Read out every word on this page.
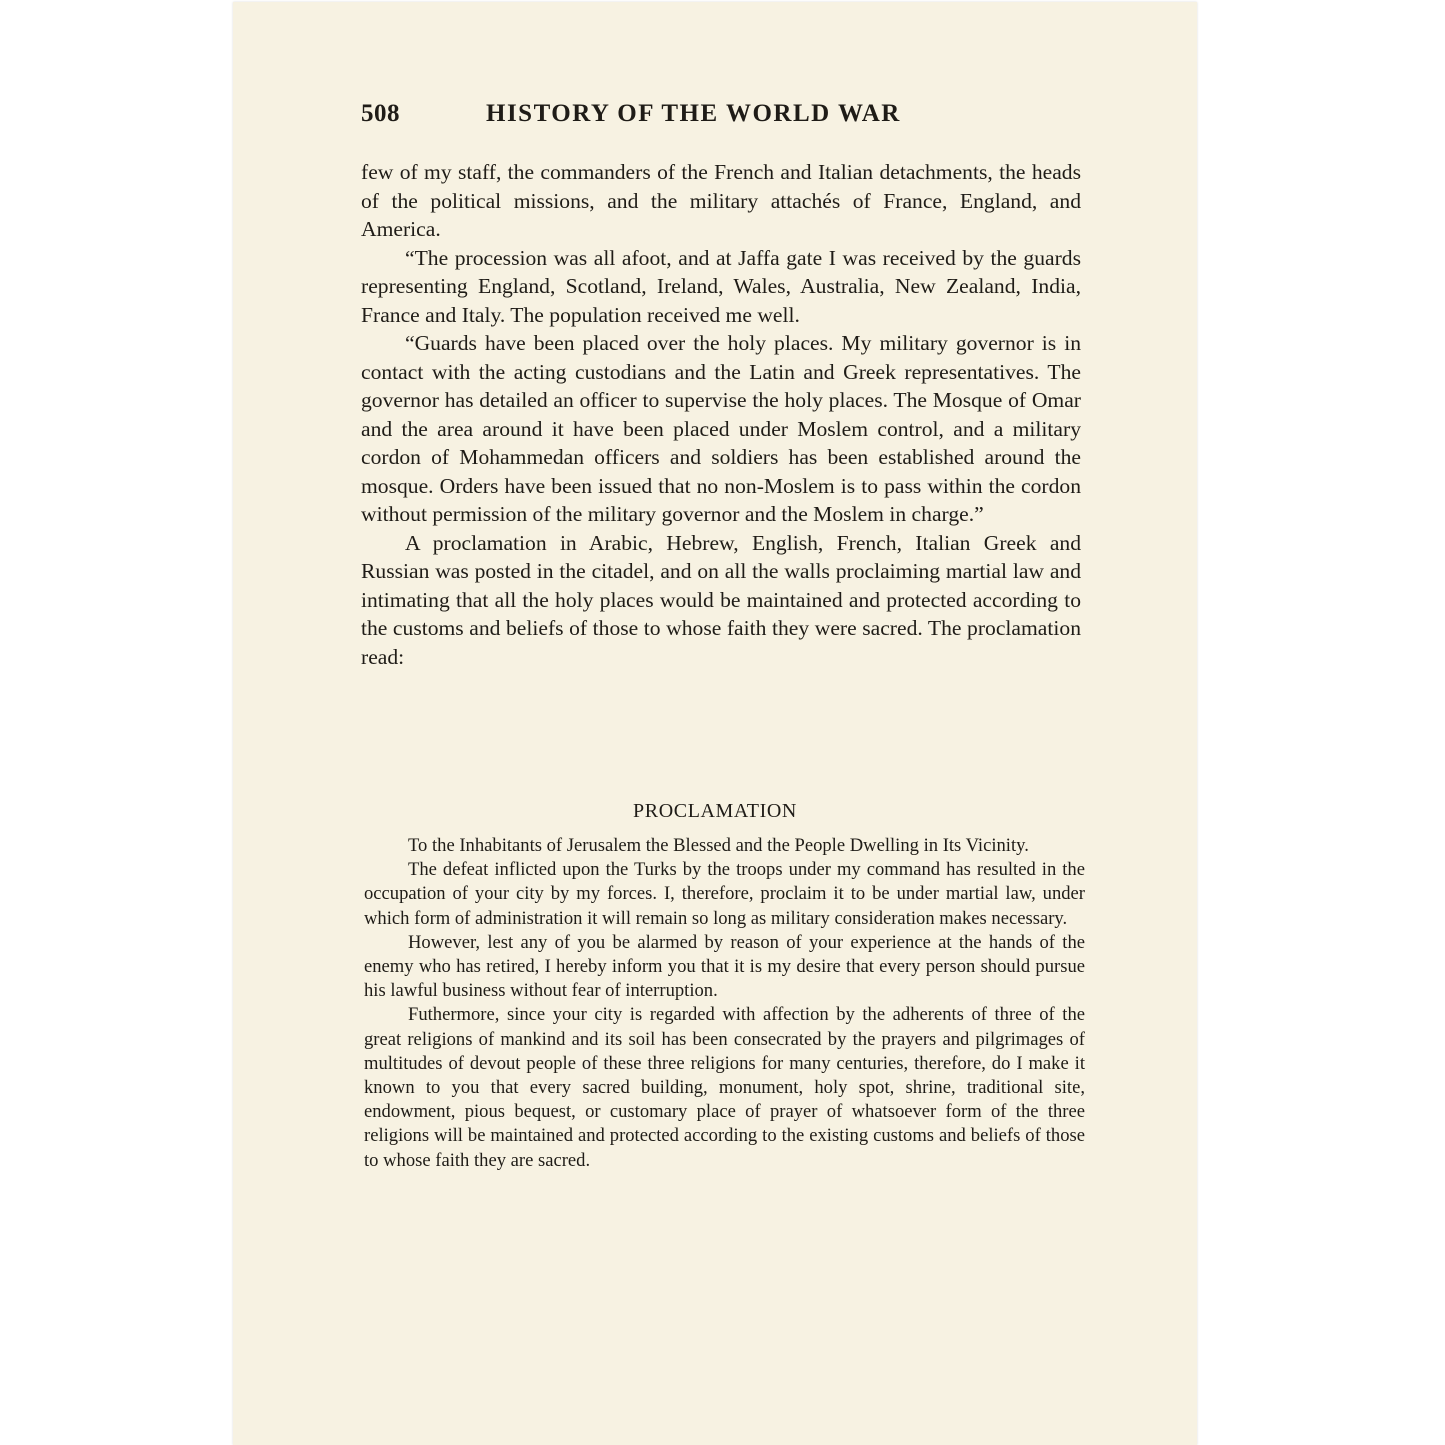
508	HISTORY OF THE WORLD WAR

few of my staff, the commanders of the French and Italian detachments, the heads of the political missions, and the military attachés of France, England, and America.

“The procession was all afoot, and at Jaffa gate I was received by the guards representing England, Scotland, Ireland, Wales, Australia, New Zealand, India, France and Italy. The population received me well.

“Guards have been placed over the holy places. My military governor is in contact with the acting custodians and the Latin and Greek representatives. The governor has detailed an officer to supervise the holy places. The Mosque of Omar and the area around it have been placed under Moslem control, and a military cordon of Mohammedan officers and soldiers has been established around the mosque. Orders have been issued that no non-Moslem is to pass within the cordon without permission of the military governor and the Moslem in charge.”

A proclamation in Arabic, Hebrew, English, French, Italian Greek and Russian was posted in the citadel, and on all the walls proclaiming martial law and intimating that all the holy places would be maintained and protected according to the customs and beliefs of those to whose faith they were sacred. The proclamation read:

PROCLAMATION

To the Inhabitants of Jerusalem the Blessed and the People Dwelling in Its Vicinity.

The defeat inflicted upon the Turks by the troops under my command has resulted in the occupation of your city by my forces. I, therefore, proclaim it to be under martial law, under which form of administration it will remain so long as military consideration makes necessary.

However, lest any of you be alarmed by reason of your experience at the hands of the enemy who has retired, I hereby inform you that it is my desire that every person should pursue his lawful business without fear of interruption.

Futhermore, since your city is regarded with affection by the adherents of three of the great religions of mankind and its soil has been consecrated by the prayers and pilgrimages of multitudes of devout people of these three religions for many centuries, therefore, do I make it known to you that every sacred building, monument, holy spot, shrine, traditional site, endowment, pious bequest, or customary place of prayer of whatsoever form of the three religions will be maintained and protected according to the existing customs and beliefs of those to whose faith they are sacred.
